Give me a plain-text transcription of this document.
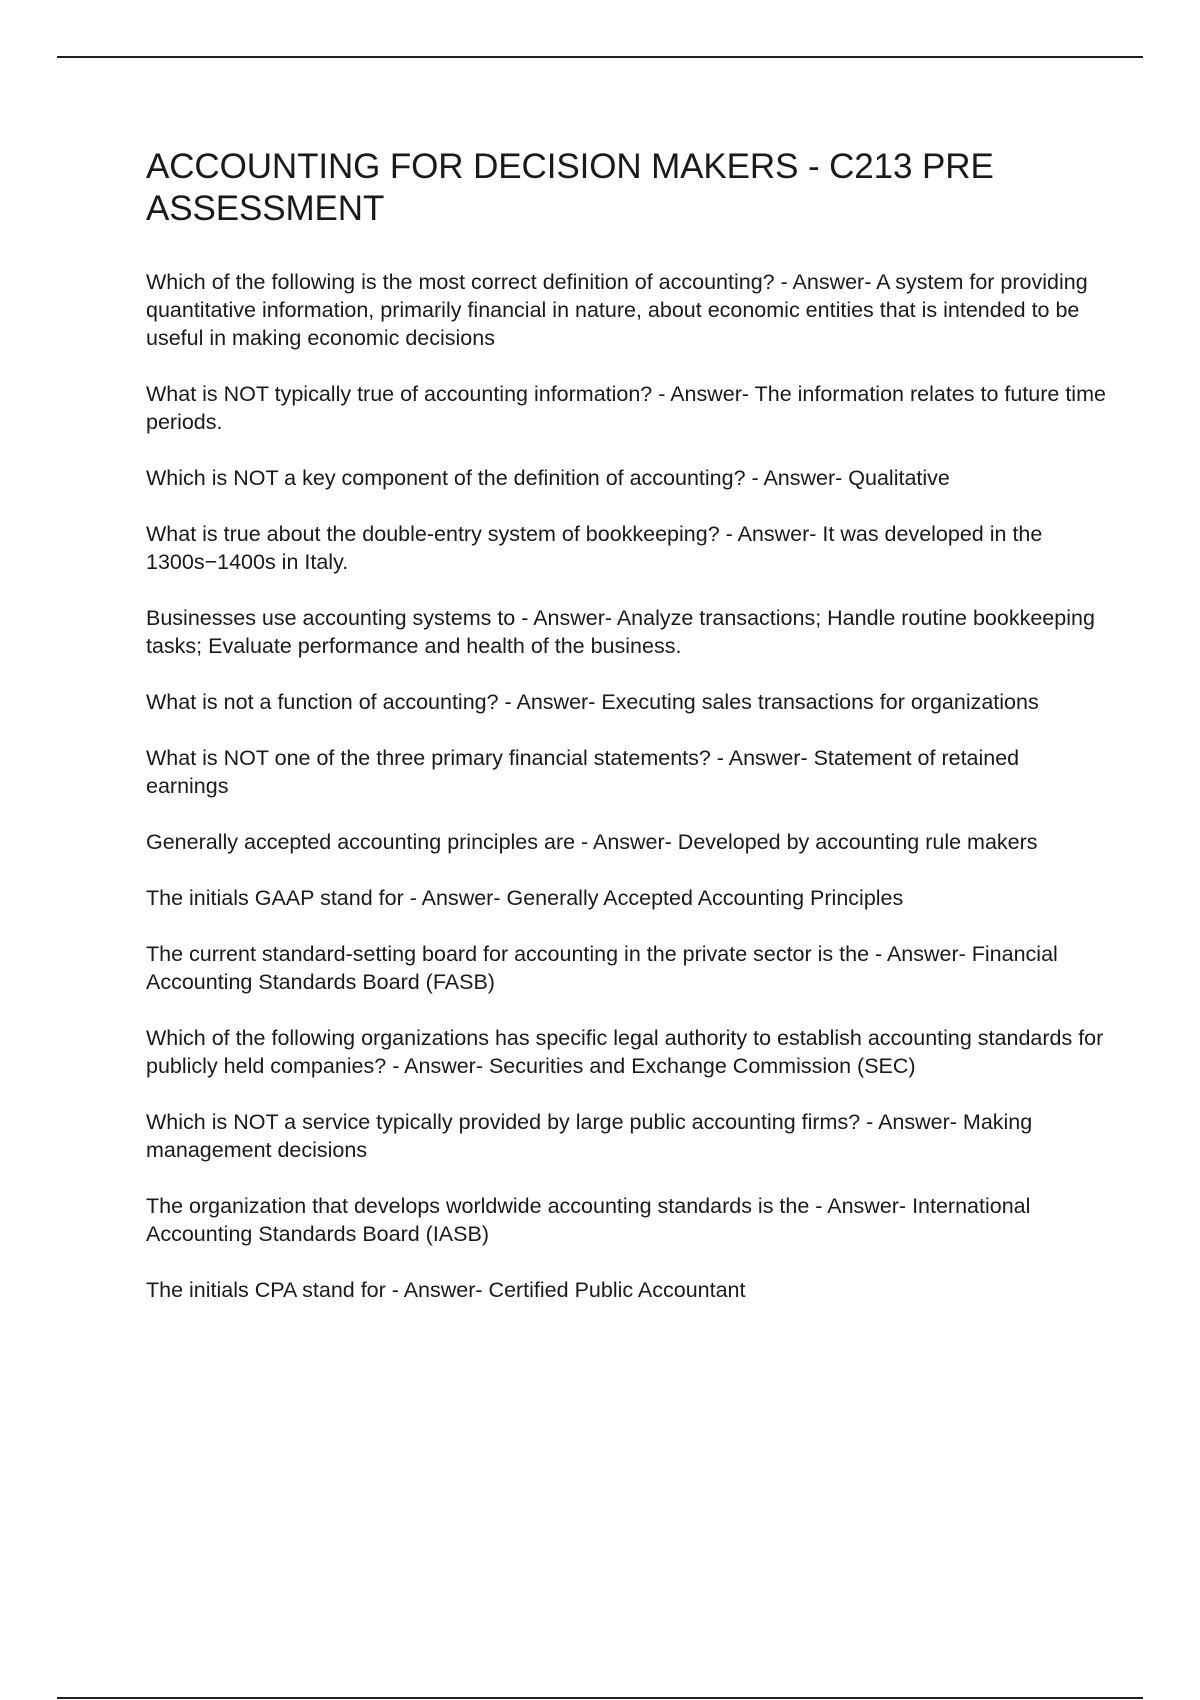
ACCOUNTING FOR DECISION MAKERS - C213 PRE ASSESSMENT

Which of the following is the most correct definition of accounting? - Answer- A system for providing quantitative information, primarily financial in nature, about economic entities that is intended to be useful in making economic decisions

What is NOT typically true of accounting information? - Answer- The information relates to future time periods.

Which is NOT a key component of the definition of accounting? - Answer- Qualitative

What is true about the double-entry system of bookkeeping? - Answer- It was developed in the 1300s−1400s in Italy.

Businesses use accounting systems to - Answer- Analyze transactions; Handle routine bookkeeping tasks; Evaluate performance and health of the business.

What is not a function of accounting? - Answer- Executing sales transactions for organizations

What is NOT one of the three primary financial statements? - Answer- Statement of retained earnings

Generally accepted accounting principles are - Answer- Developed by accounting rule makers

The initials GAAP stand for - Answer- Generally Accepted Accounting Principles

The current standard-setting board for accounting in the private sector is the - Answer- Financial Accounting Standards Board (FASB)

Which of the following organizations has specific legal authority to establish accounting standards for publicly held companies? - Answer- Securities and Exchange Commission (SEC)

Which is NOT a service typically provided by large public accounting firms? - Answer- Making management decisions

The organization that develops worldwide accounting standards is the - Answer- International Accounting Standards Board (IASB)

The initials CPA stand for - Answer- Certified Public Accountant
